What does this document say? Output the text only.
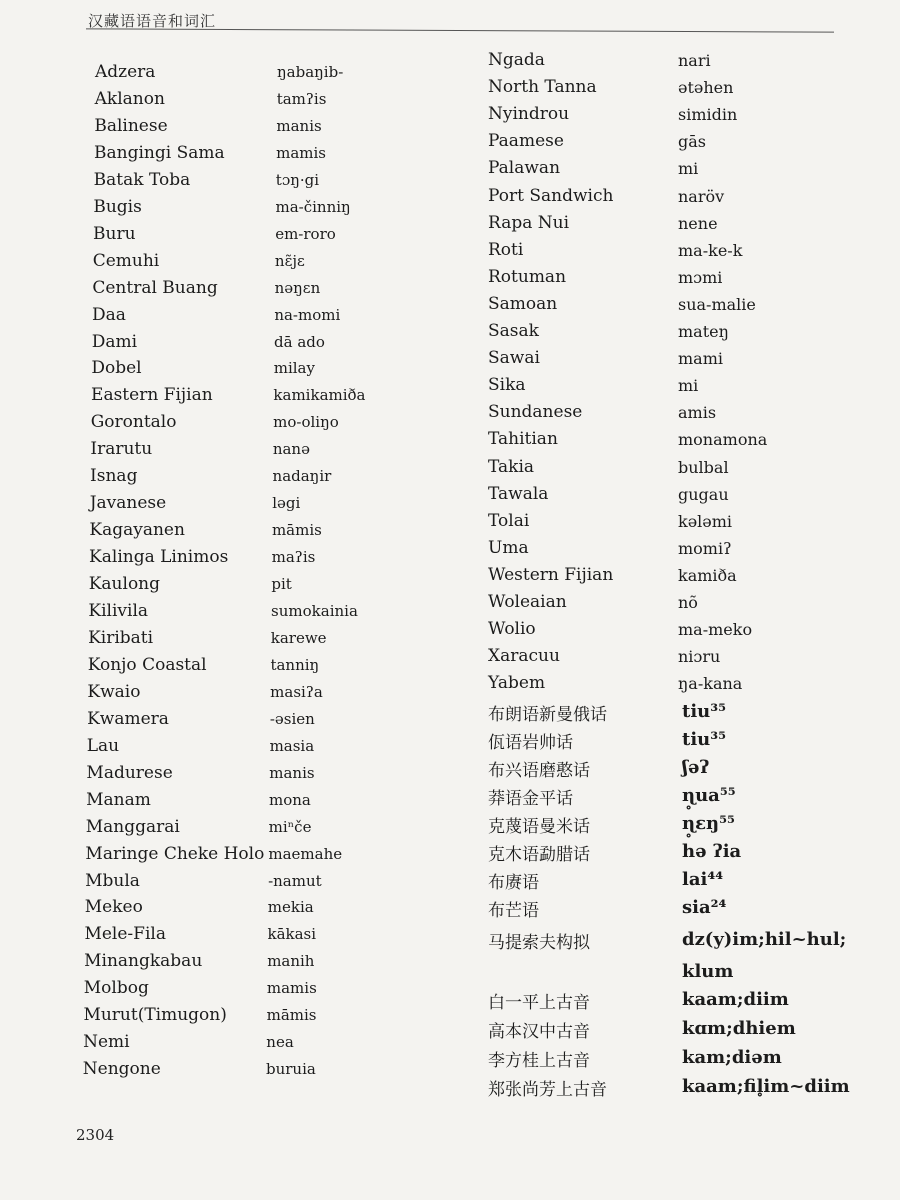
汉藏语语音和词汇
Adzera	ŋabaŋib-
Aklanon	tamʔis
Balinese	manis
Bangingi Sama	mamis
Batak Toba	tɔŋ·gi
Bugis	ma-činniŋ
Buru	em-roro
Cemuhi	nɛ̃jɛ
Central Buang	nəŋɛn
Daa	na-momi
Dami	dā ado
Dobel	milay
Eastern Fijian	kamikamiða
Gorontalo	mo-oliŋo
Irarutu	nanə
Isnag	nadaŋir
Javanese	ləgi
Kagayanen	māmis
Kalinga Linimos	maʔis
Kaulong	pit
Kilivila	sumokainia
Kiribati	karewe
Konjo Coastal	tanniŋ
Kwaio	masiʔa
Kwamera	-əsien
Lau	masia
Madurese	manis
Manam	mona
Manggarai	miⁿče
Maringe Cheke Holo maemahe
Mbula	-namut
Mekeo	mekia
Mele-Fila	kākasi
Minangkabau	manih
Molbog	mamis
Murut(Timugon)	māmis
Nemi	nea
Nengone	buruia
Ngada	nari
North Tanna	ətəhen
Nyindrou	simidin
Paamese	gās
Palawan	mi
Port Sandwich	naröv
Rapa Nui	nene
Roti	ma-ke-k
Rotuman	mɔmi
Samoan	sua-malie
Sasak	mateŋ
Sawai	mami
Sika	mi
Sundanese	amis
Tahitian	monamona
Takia	bulbal
Tawala	gugau
Tolai	kələmi
Uma	momiʔ
Western Fijian	kamiða
Woleaian	nõ
Wolio	ma-meko
Xaracuu	niɔru
Yabem	ŋa-kana
布朗语新曼俄话	tiu³⁵
佤语岩帅话	tiu³⁵
布兴语磨憨话	ʃəʔ
莽语金平话	ɳ̥ua⁵⁵
克蔑语曼米话	ɳ̥ɛŋ⁵⁵
克木语勐腊话	hə ʔia
布赓语	lai⁴⁴
布芒语	sia²⁴
马提索夫构拟	dz(y)im;hil~hul;
klum
白一平上古音	kaam;diim
高本汉中古音	kɑm;dhiem
李方桂上古音	kam;diəm
郑张尚芳上古音	kaam;fil̥im~diim
2304
